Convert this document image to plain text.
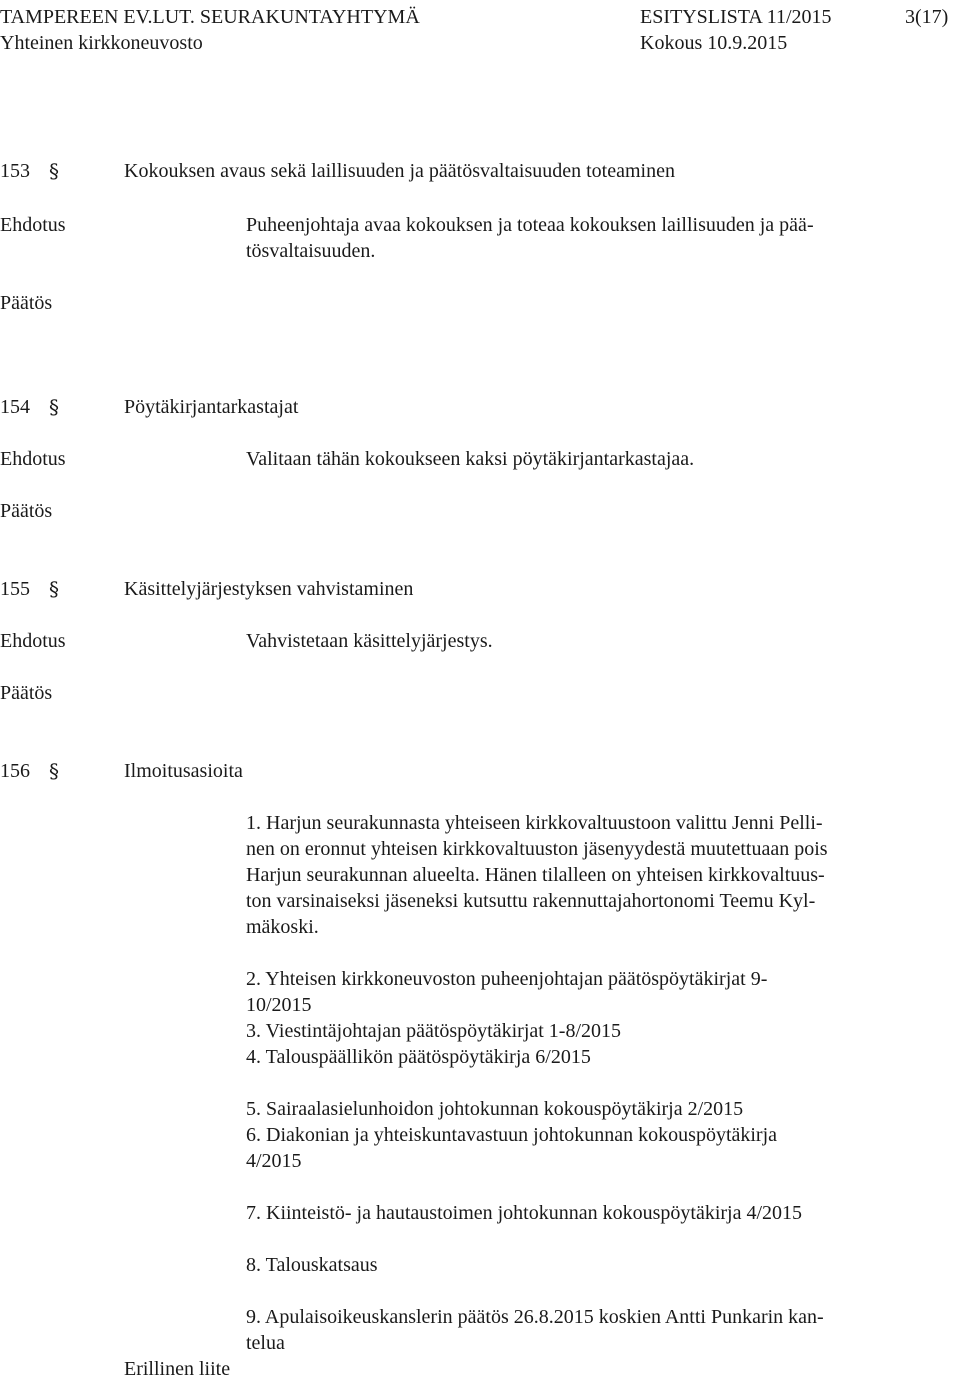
TAMPEREEN EV.LUT. SEURAKUNTAYHTYMÄ	ESITYSLISTA 11/2015	3(17)
Yhteinen kirkkoneuvosto	Kokous 10.9.2015
153 §	Kokouksen avaus sekä laillisuuden ja päätösvaltaisuuden toteaminen
Ehdotus	Puheenjohtaja avaa kokouksen ja toteaa kokouksen laillisuuden ja pää-
tösvaltaisuuden.
Päätös
154 §	Pöytäkirjantarkastajat
Ehdotus	Valitaan tähän kokoukseen kaksi pöytäkirjantarkastajaa.
Päätös
155 §	Käsittelyjärjestyksen vahvistaminen
Ehdotus	Vahvistetaan käsittelyjärjestys.
Päätös
156 §	Ilmoitusasioita
1. Harjun seurakunnasta yhteiseen kirkkovaltuustoon valittu Jenni Pelli-
nen on eronnut yhteisen kirkkovaltuuston jäsenyydestä muutettuaan pois
Harjun seurakunnan alueelta. Hänen tilalleen on yhteisen kirkkovaltuus-
ton varsinaiseksi jäseneksi kutsuttu rakennuttajahortonomi Teemu Kyl-
mäkoski.
2. Yhteisen kirkkoneuvoston puheenjohtajan päätöspöytäkirjat 9-
10/2015
3. Viestintäjohtajan päätöspöytäkirjat 1-8/2015
4. Talouspäällikön päätöspöytäkirja 6/2015
5. Sairaalasielunhoidon johtokunnan kokouspöytäkirja 2/2015
6. Diakonian ja yhteiskuntavastuun johtokunnan kokouspöytäkirja
4/2015
7. Kiinteistö- ja hautaustoimen johtokunnan kokouspöytäkirja 4/2015
8. Talouskatsaus
9. Apulaisoikeuskanslerin päätös 26.8.2015 koskien Antti Punkarin kan-
telua
Erillinen liite
